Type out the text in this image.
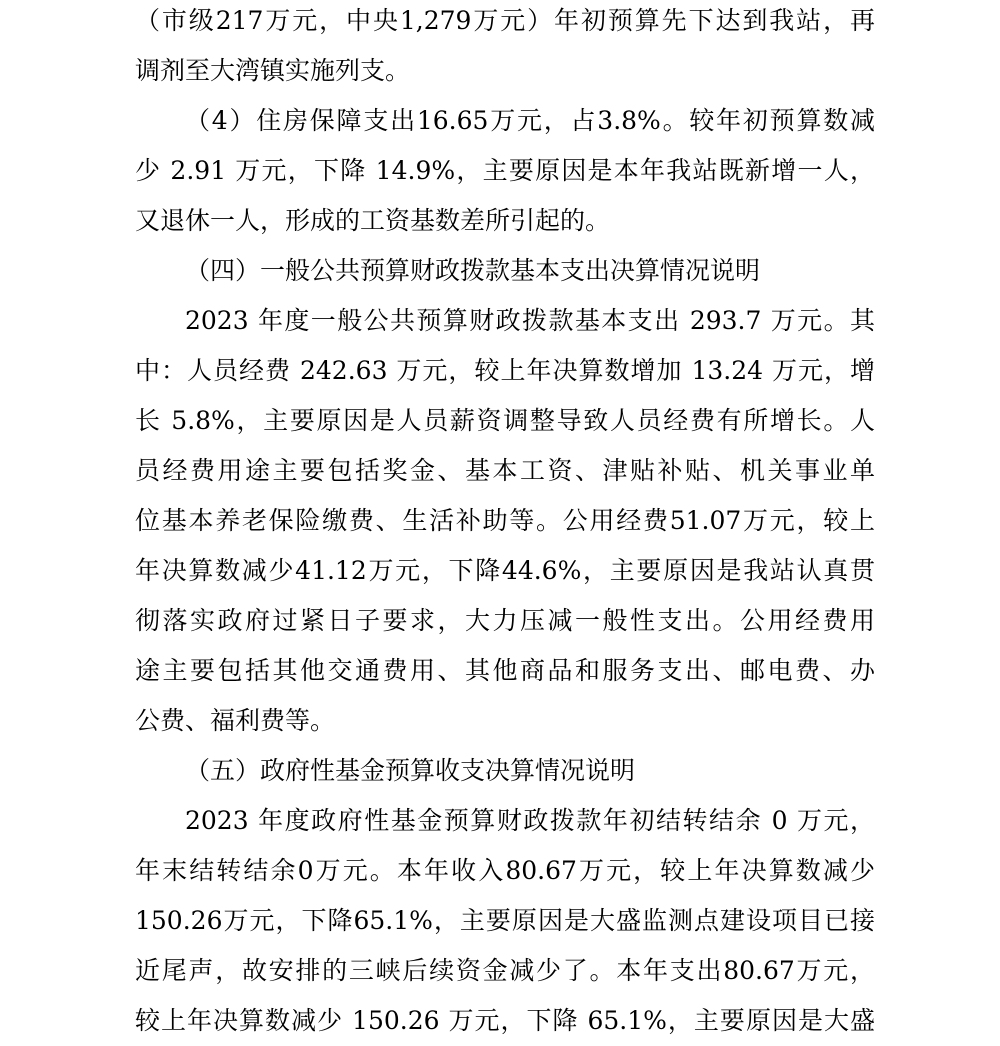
（市级217万元，中央1,279万元）年初预算先下达到我站，再
调剂至大湾镇实施列支。
（4）住房保障支出16.65万元，占3.8%。较年初预算数减
少 2.91 万元，下降 14.9%，主要原因是本年我站既新增一人，
又退休一人，形成的工资基数差所引起的。
（四）一般公共预算财政拨款基本支出决算情况说明
2023 年度一般公共预算财政拨款基本支出 293.7 万元。其
中：人员经费 242.63 万元，较上年决算数增加 13.24 万元，增
长 5.8%，主要原因是人员薪资调整导致人员经费有所增长。人
员经费用途主要包括奖金、基本工资、津贴补贴、机关事业单
位基本养老保险缴费、生活补助等。公用经费51.07万元，较上
年决算数减少41.12万元，下降44.6%，主要原因是我站认真贯
彻落实政府过紧日子要求，大力压减一般性支出。公用经费用
途主要包括其他交通费用、其他商品和服务支出、邮电费、办
公费、福利费等。
（五）政府性基金预算收支决算情况说明
2023 年度政府性基金预算财政拨款年初结转结余 0 万元，
年末结转结余0万元。本年收入80.67万元，较上年决算数减少
150.26万元，下降65.1%，主要原因是大盛监测点建设项目已接
近尾声，故安排的三峡后续资金减少了。本年支出80.67万元，
较上年决算数减少 150.26 万元，下降 65.1%，主要原因是大盛
